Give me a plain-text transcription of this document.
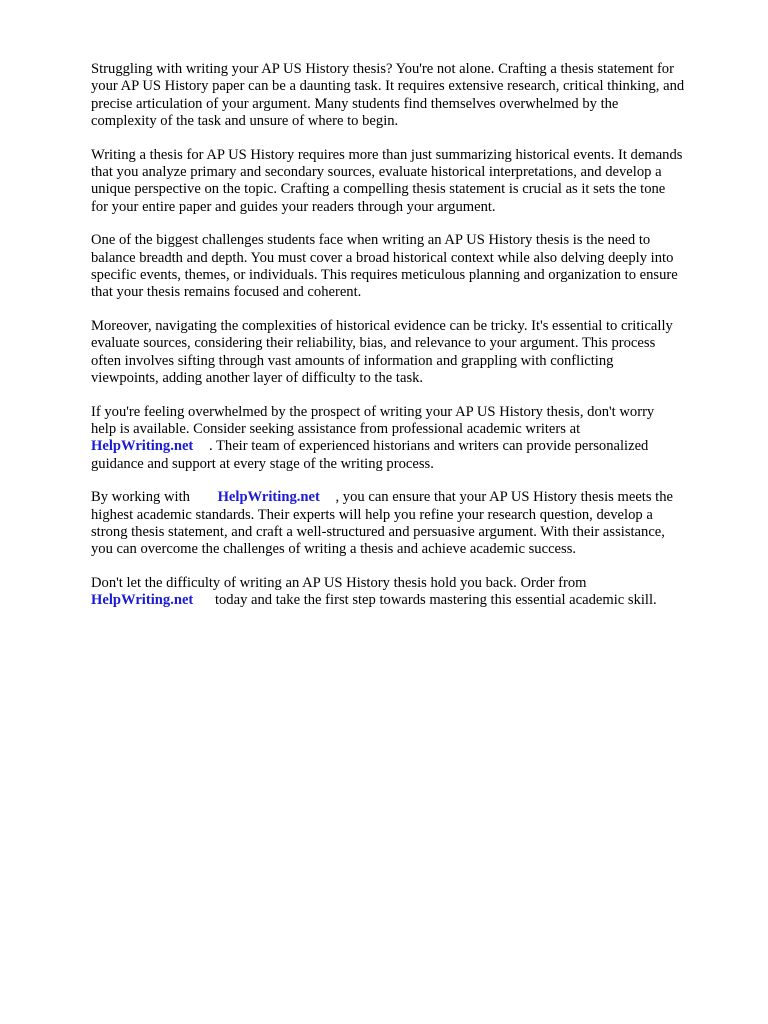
Struggling with writing your AP US History thesis? You're not alone. Crafting a thesis statement for
your AP US History paper can be a daunting task. It requires extensive research, critical thinking, and
precise articulation of your argument. Many students find themselves overwhelmed by the
complexity of the task and unsure of where to begin.

Writing a thesis for AP US History requires more than just summarizing historical events. It demands
that you analyze primary and secondary sources, evaluate historical interpretations, and develop a
unique perspective on the topic. Crafting a compelling thesis statement is crucial as it sets the tone
for your entire paper and guides your readers through your argument.

One of the biggest challenges students face when writing an AP US History thesis is the need to
balance breadth and depth. You must cover a broad historical context while also delving deeply into
specific events, themes, or individuals. This requires meticulous planning and organization to ensure
that your thesis remains focused and coherent.

Moreover, navigating the complexities of historical evidence can be tricky. It's essential to critically
evaluate sources, considering their reliability, bias, and relevance to your argument. This process
often involves sifting through vast amounts of information and grappling with conflicting
viewpoints, adding another layer of difficulty to the task.

If you're feeling overwhelmed by the prospect of writing your AP US History thesis, don't worry
help is available. Consider seeking assistance from professional academic writers at
HelpWriting.net . Their team of experienced historians and writers can provide personalized
guidance and support at every stage of the writing process.

By working with HelpWriting.net , you can ensure that your AP US History thesis meets the
highest academic standards. Their experts will help you refine your research question, develop a
strong thesis statement, and craft a well-structured and persuasive argument. With their assistance,
you can overcome the challenges of writing a thesis and achieve academic success.

Don't let the difficulty of writing an AP US History thesis hold you back. Order from
HelpWriting.net today and take the first step towards mastering this essential academic skill.
